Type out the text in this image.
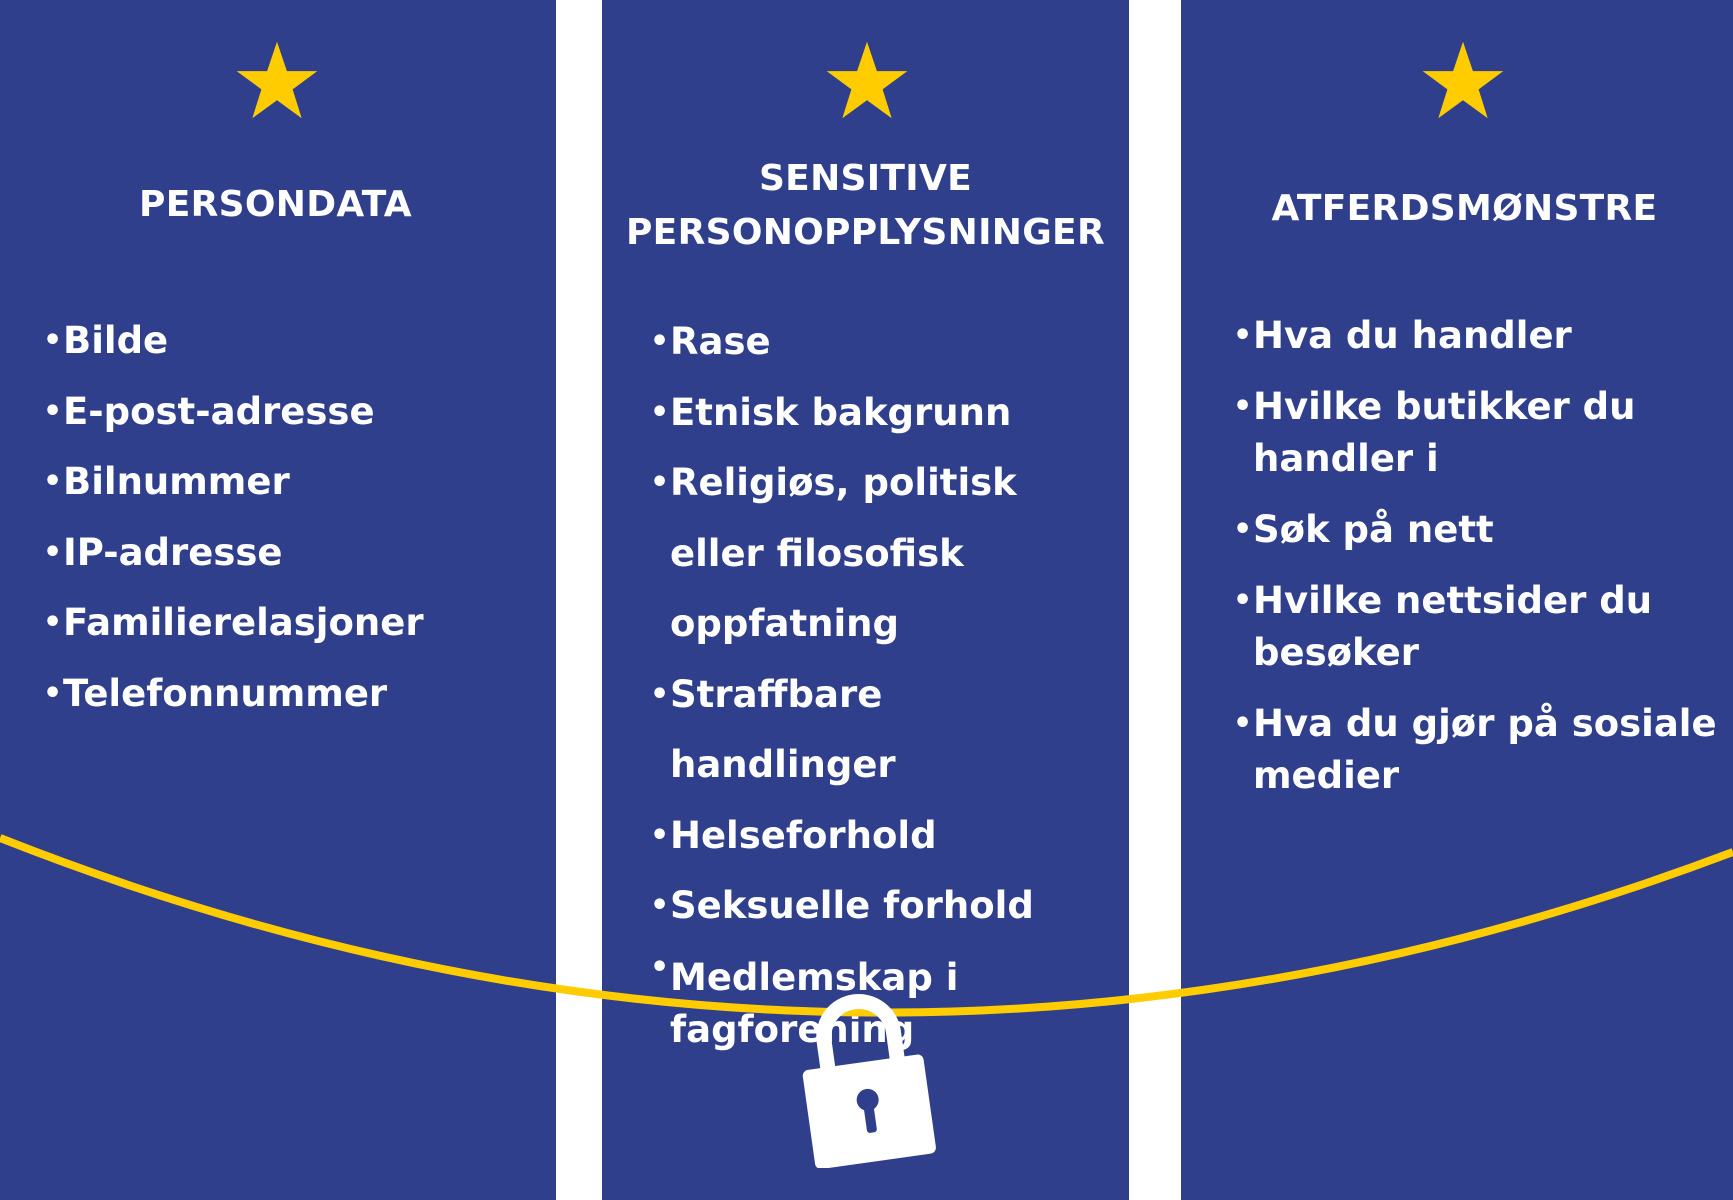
PERSONDATA
• Bilde
• E-post-adresse
• Bilnummer
• IP-adresse
• Familierelasjoner
• Telefonnummer
SENSITIVE
PERSONOPPLYSNINGER
• Rase
• Etnisk bakgrunn
• Religiøs, politisk eller filosofisk oppfatning
• Straffbare handlinger
• Helseforhold
• Seksuelle forhold
• Medlemskap i fagforening
ATFERDSMØNSTRE
• Hva du handler
• Hvilke butikker du handler i
• Søk på nett
• Hvilke nettsider du besøker
• Hva du gjør på sosiale medier
